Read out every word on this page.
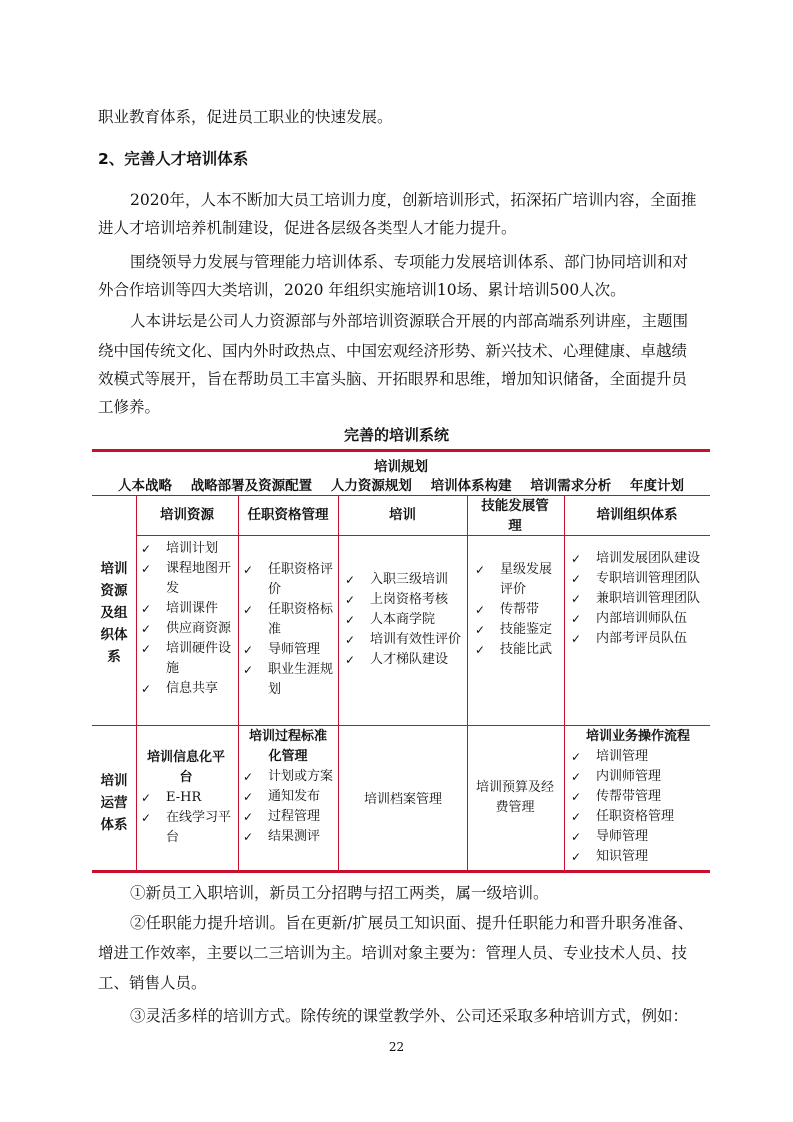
职业教育体系，促进员工职业的快速发展。
2、完善人才培训体系
2020年，人本不断加大员工培训力度，创新培训形式，拓深拓广培训内容，全面推
进人才培训培养机制建设，促进各层级各类型人才能力提升。
围绕领导力发展与管理能力培训体系、专项能力发展培训体系、部门协同培训和对
外合作培训等四大类培训，2020 年组织实施培训10场、累计培训500人次。
人本讲坛是公司人力资源部与外部培训资源联合开展的内部高端系列讲座，主题围
绕中国传统文化、国内外时政热点、中国宏观经济形势、新兴技术、心理健康、卓越绩
效模式等展开，旨在帮助员工丰富头脑、开拓眼界和思维，增加知识储备，全面提升员
工修养。
完善的培训系统
培训规划
人本战略 战略部署及资源配置 人力资源规划 培训体系构建 培训需求分析 年度计划
培训资源	任职资格管理	培训
技能发展管理
培训组织体系
培训资源及组织体系
✓ 培训计划
✓ 课程地图开发
✓ 培训课件
✓ 供应商资源
✓ 培训硬件设施
✓ 信息共享
✓ 任职资格评价
✓ 任职资格标准
✓ 导师管理
✓ 职业生涯规划
✓ 入职三级培训
✓ 上岗资格考核
✓ 人本商学院
✓ 培训有效性评价
✓ 人才梯队建设
✓ 星级发展评价
✓ 传帮带
✓ 技能鉴定
✓ 技能比武
✓ 培训发展团队建设
✓ 专职培训管理团队
✓ 兼职培训管理团队
✓ 内部培训师队伍
✓ 内部考评员队伍
培训运营体系
培训信息化平台
✓ E-HR
✓ 在线学习平台
培训过程标准化管理
✓ 计划或方案
✓ 通知发布
✓ 过程管理
✓ 结果测评
培训档案管理
培训预算及经费管理
培训业务操作流程
✓ 培训管理
✓ 内训师管理
✓ 传帮带管理
✓ 任职资格管理
✓ 导师管理
✓ 知识管理
①新员工入职培训，新员工分招聘与招工两类，属一级培训。
②任职能力提升培训。旨在更新/扩展员工知识面、提升任职能力和晋升职务准备、
增进工作效率，主要以二三培训为主。培训对象主要为：管理人员、专业技术人员、技
工、销售人员。
③灵活多样的培训方式。除传统的课堂教学外、公司还采取多种培训方式，例如：
22
